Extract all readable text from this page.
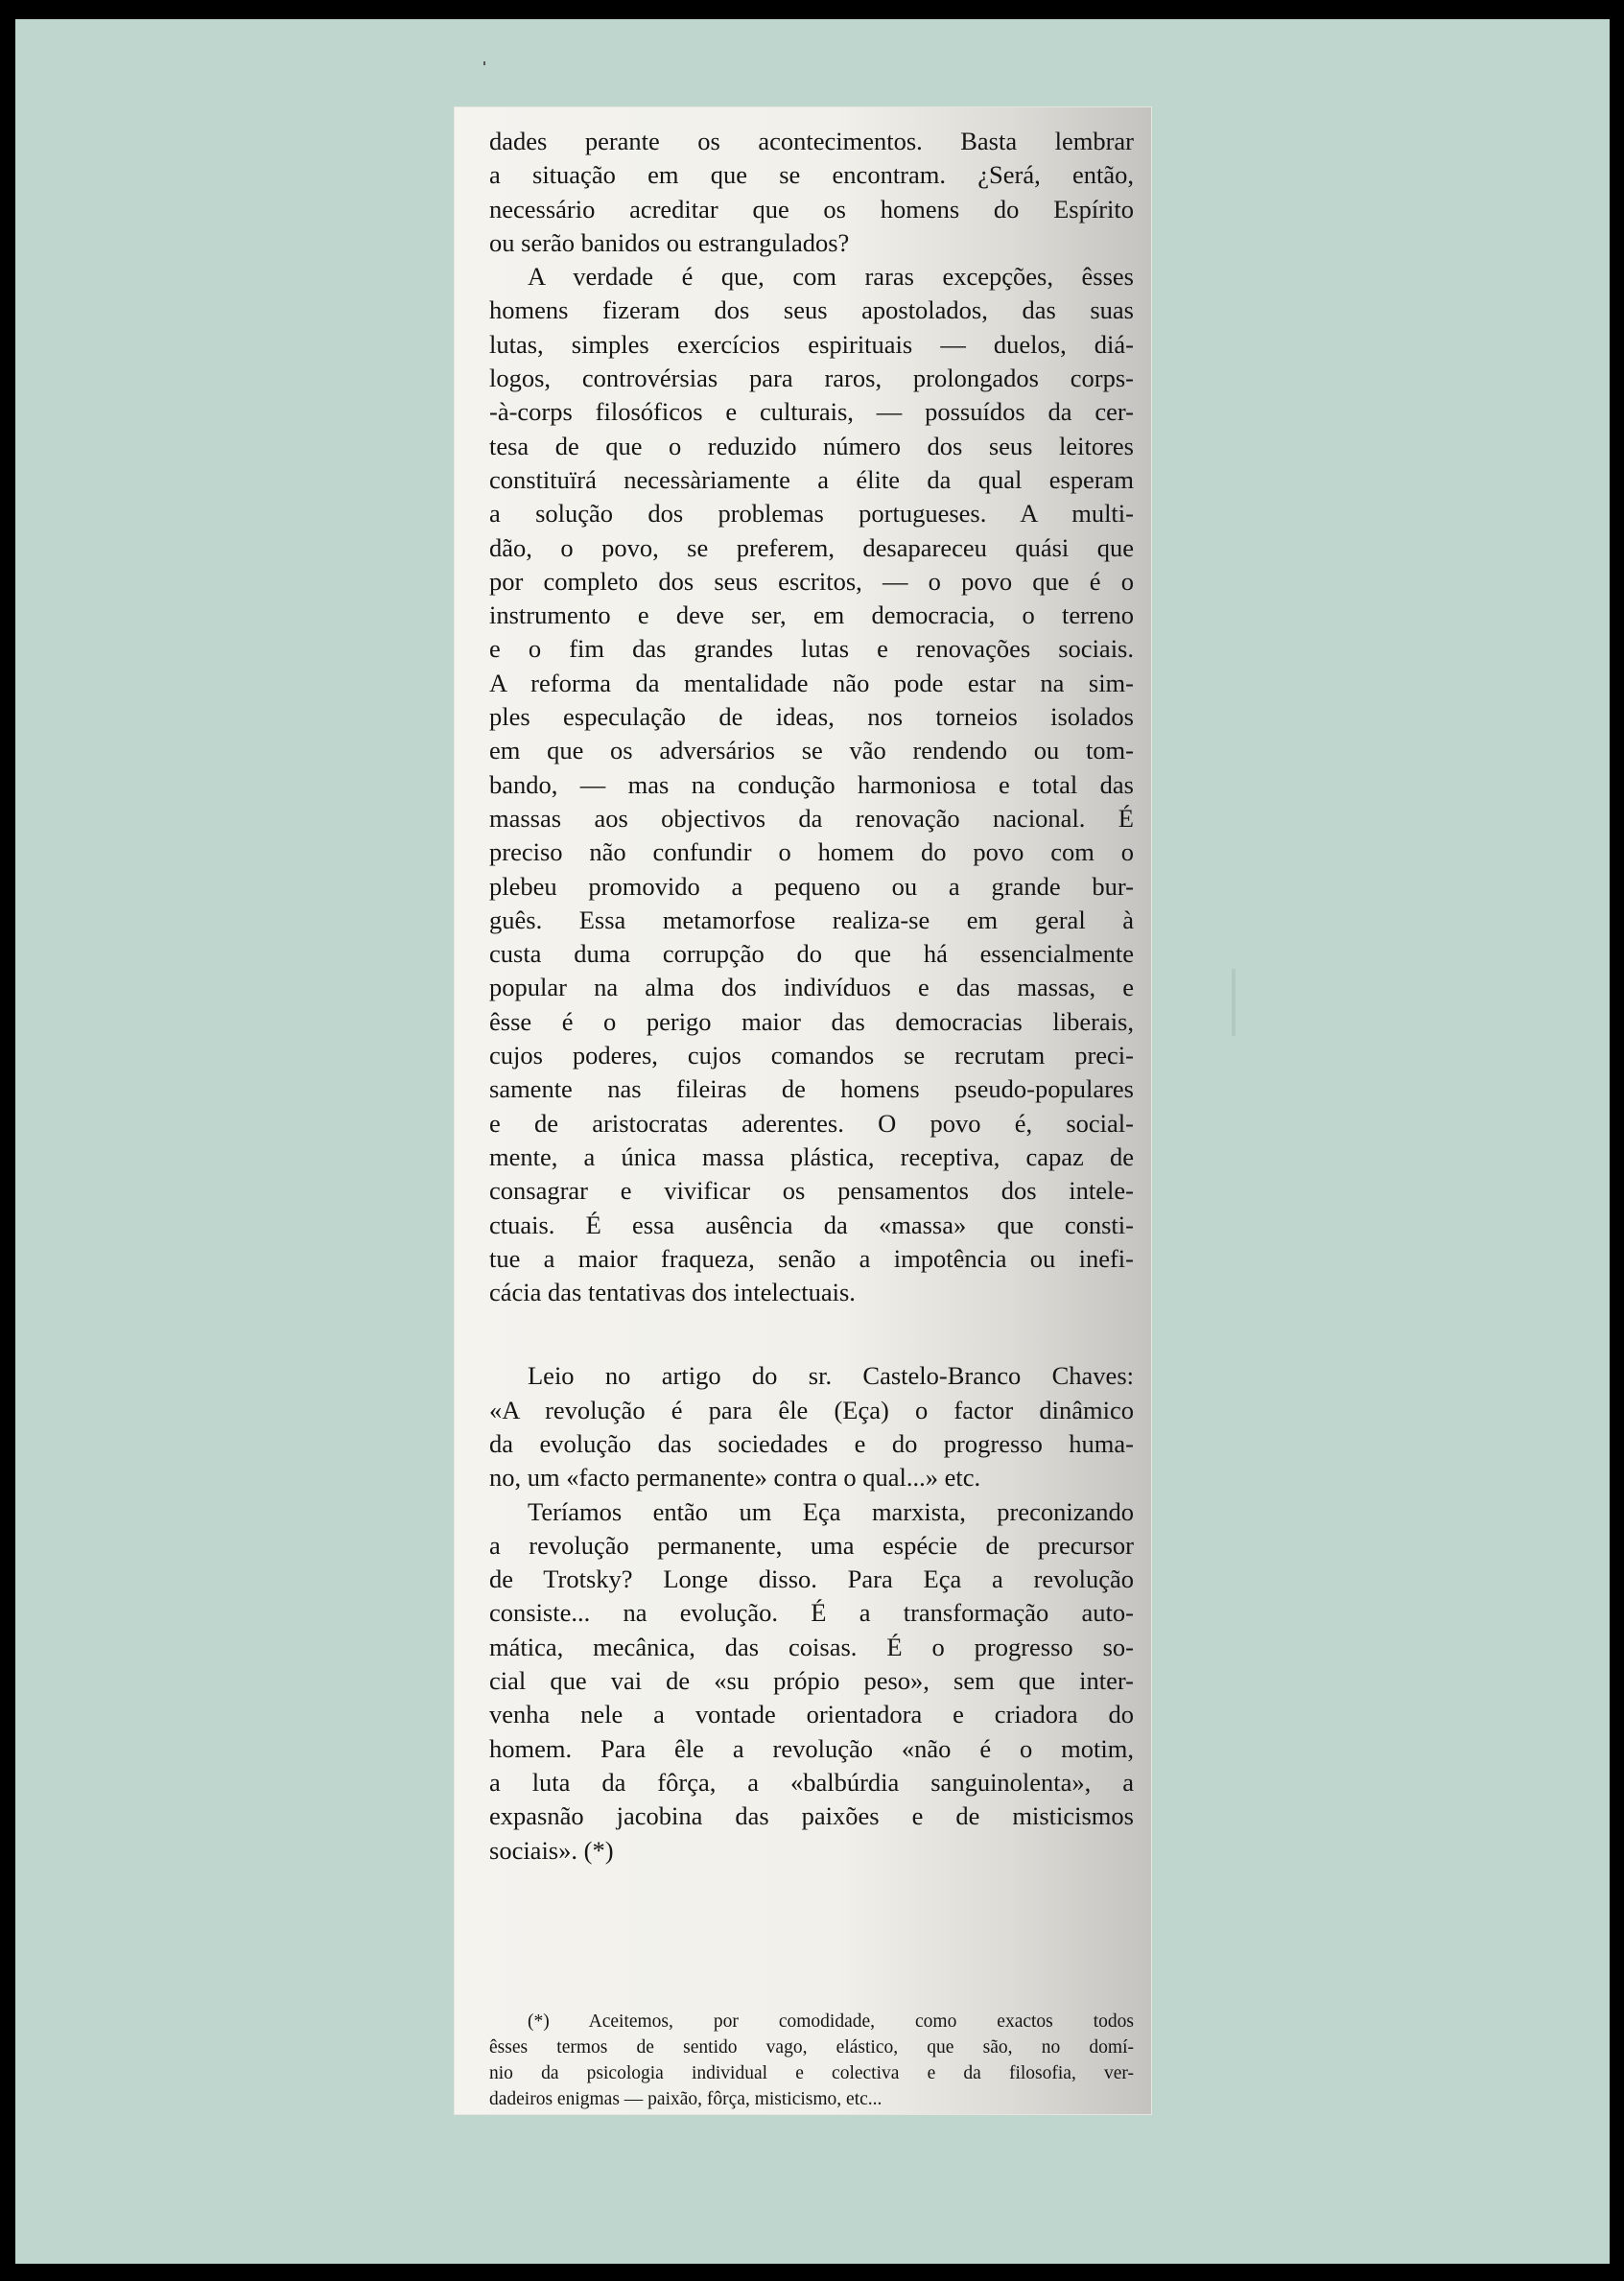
dades perante os acontecimentos. Basta lembrar
a situação em que se encontram. ¿Será, então,
necessário acreditar que os homens do Espírito
ou serão banidos ou estrangulados?
A verdade é que, com raras excepções, êsses
homens fizeram dos seus apostolados, das suas
lutas, simples exercícios espirituais — duelos, diá-
logos, controvérsias para raros, prolongados corps-
-à-corps filosóficos e culturais, — possuídos da cer-
tesa de que o reduzido número dos seus leitores
constituïrá necessàriamente a élite da qual esperam
a solução dos problemas portugueses. A multi-
dão, o povo, se preferem, desapareceu quási que
por completo dos seus escritos, — o povo que é o
instrumento e deve ser, em democracia, o terreno
e o fim das grandes lutas e renovações sociais.
A reforma da mentalidade não pode estar na sim-
ples especulação de ideas, nos torneios isolados
em que os adversários se vão rendendo ou tom-
bando, — mas na condução harmoniosa e total das
massas aos objectivos da renovação nacional. É
preciso não confundir o homem do povo com o
plebeu promovido a pequeno ou a grande bur-
guês. Essa metamorfose realiza-se em geral à
custa duma corrupção do que há essencialmente
popular na alma dos indivíduos e das massas, e
êsse é o perigo maior das democracias liberais,
cujos poderes, cujos comandos se recrutam preci-
samente nas fileiras de homens pseudo-populares
e de aristocratas aderentes. O povo é, social-
mente, a única massa plástica, receptiva, capaz de
consagrar e vivificar os pensamentos dos intele-
ctuais. É essa ausência da «massa» que consti-
tue a maior fraqueza, senão a impotência ou inefi-
cácia das tentativas dos intelectuais.
Leio no artigo do sr. Castelo-Branco Chaves:
«A revolução é para êle (Eça) o factor dinâmico
da evolução das sociedades e do progresso huma-
no, um «facto permanente» contra o qual...» etc.
Teríamos então um Eça marxista, preconizando
a revolução permanente, uma espécie de precursor
de Trotsky? Longe disso. Para Eça a revolução
consiste... na evolução. É a transformação auto-
mática, mecânica, das coisas. É o progresso so-
cial que vai de «su própio peso», sem que inter-
venha nele a vontade orientadora e criadora do
homem. Para êle a revolução «não é o motim,
a luta da fôrça, a «balbúrdia sanguinolenta», a
expasnão jacobina das paixões e de misticismos
sociais». (*)
(*) Aceitemos, por comodidade, como exactos todos
êsses termos de sentido vago, elástico, que são, no domí-
nio da psicologia individual e colectiva e da filosofia, ver-
dadeiros enigmas — paixão, fôrça, misticismo, etc...
